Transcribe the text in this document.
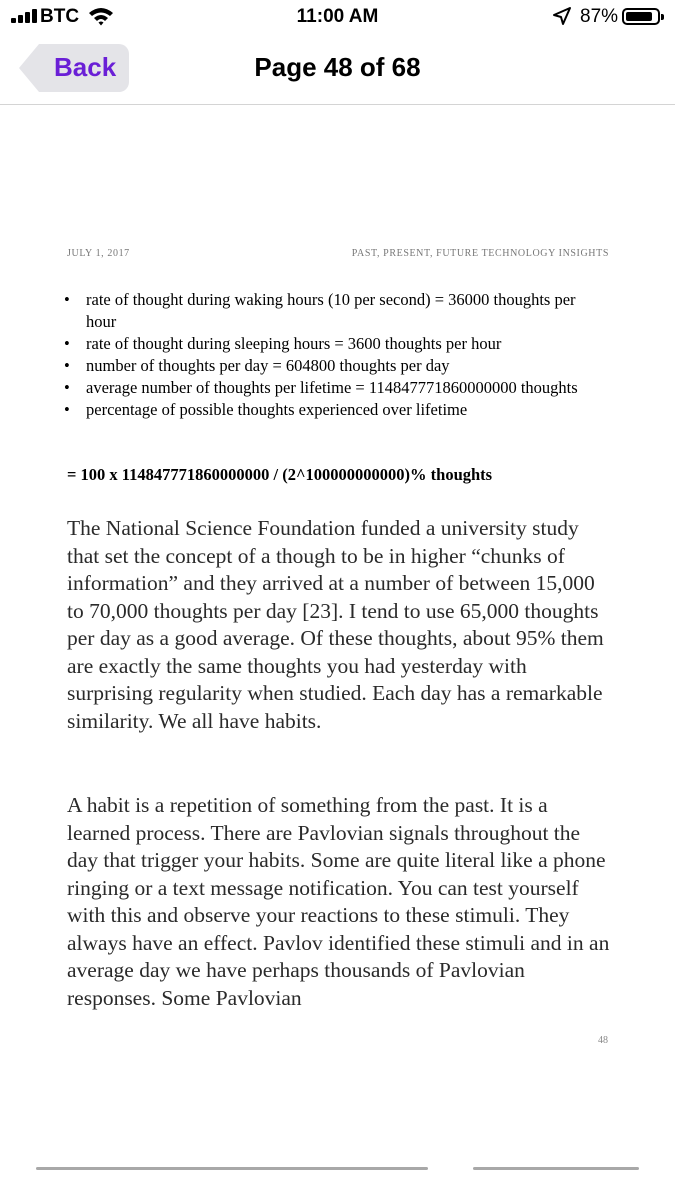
BTC	11:00 AM	87%
Back	Page 48 of 68
JULY 1, 2017	PAST, PRESENT, FUTURE TECHNOLOGY INSIGHTS
• rate of thought during waking hours (10 per second) = 36000 thoughts per hour
• rate of thought during sleeping hours = 3600 thoughts per hour
• number of thoughts per day = 604800 thoughts per day
• average number of thoughts per lifetime = 114847771860000000 thoughts
• percentage of possible thoughts experienced over lifetime
= 100 x 114847771860000000 / (2^100000000000)% thoughts

The National Science Foundation funded a university study that set the concept of a though to be in higher “chunks of information” and they arrived at a number of between 15,000 to 70,000 thoughts per day [23]. I tend to use 65,000 thoughts per day as a good average. Of these thoughts, about 95% them are exactly the same thoughts you had yesterday with surprising regularity when studied. Each day has a remarkable similarity. We all have habits.

A habit is a repetition of something from the past. It is a learned process. There are Pavlovian signals throughout the day that trigger your habits. Some are quite literal like a phone ringing or a text message notification. You can test yourself with this and observe your reactions to these stimuli. They always have an effect. Pavlov identified these stimuli and in an average day we have perhaps thousands of Pavlovian responses. Some Pavlovian

48
